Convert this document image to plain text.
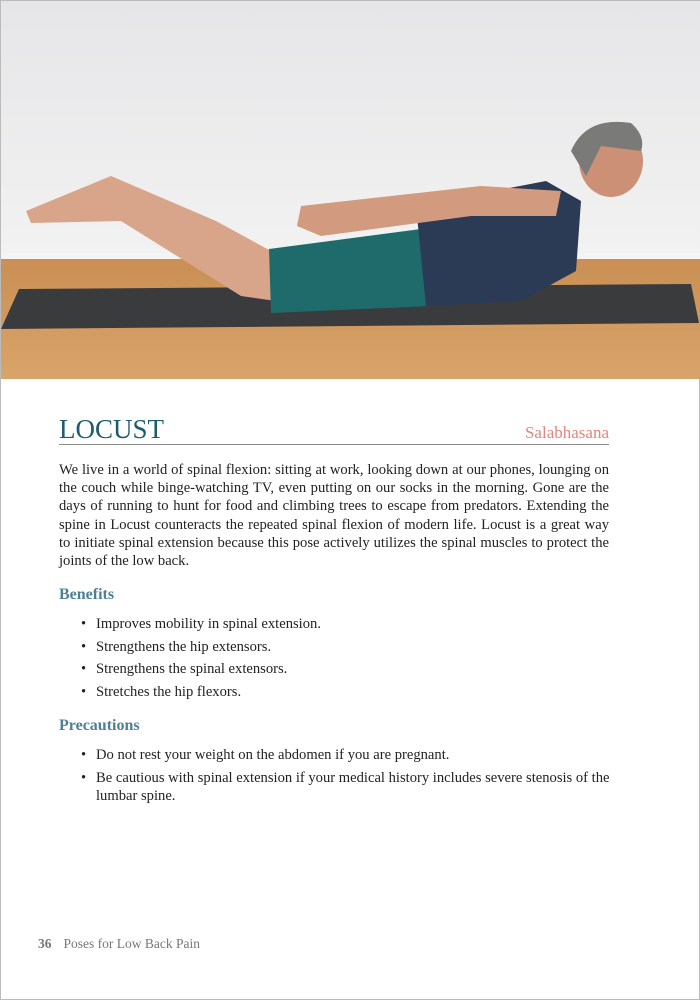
LOCUST	Salabhasana

We live in a world of spinal flexion: sitting at work, looking down at our phones, lounging on the couch while binge-watching TV, even putting on our socks in the morning. Gone are the days of running to hunt for food and climbing trees to escape from predators. Extending the spine in Locust counteracts the repeated spinal flexion of modern life. Locust is a great way to initiate spinal extension because this pose actively utilizes the spinal muscles to protect the joints of the low back.

Benefits
• Improves mobility in spinal extension.
• Strengthens the hip extensors.
• Strengthens the spinal extensors.
• Stretches the hip flexors.
Precautions
• Do not rest your weight on the abdomen if you are pregnant.
• Be cautious with spinal extension if your medical history includes severe stenosis of the lumbar spine.
36 Poses for Low Back Pain
